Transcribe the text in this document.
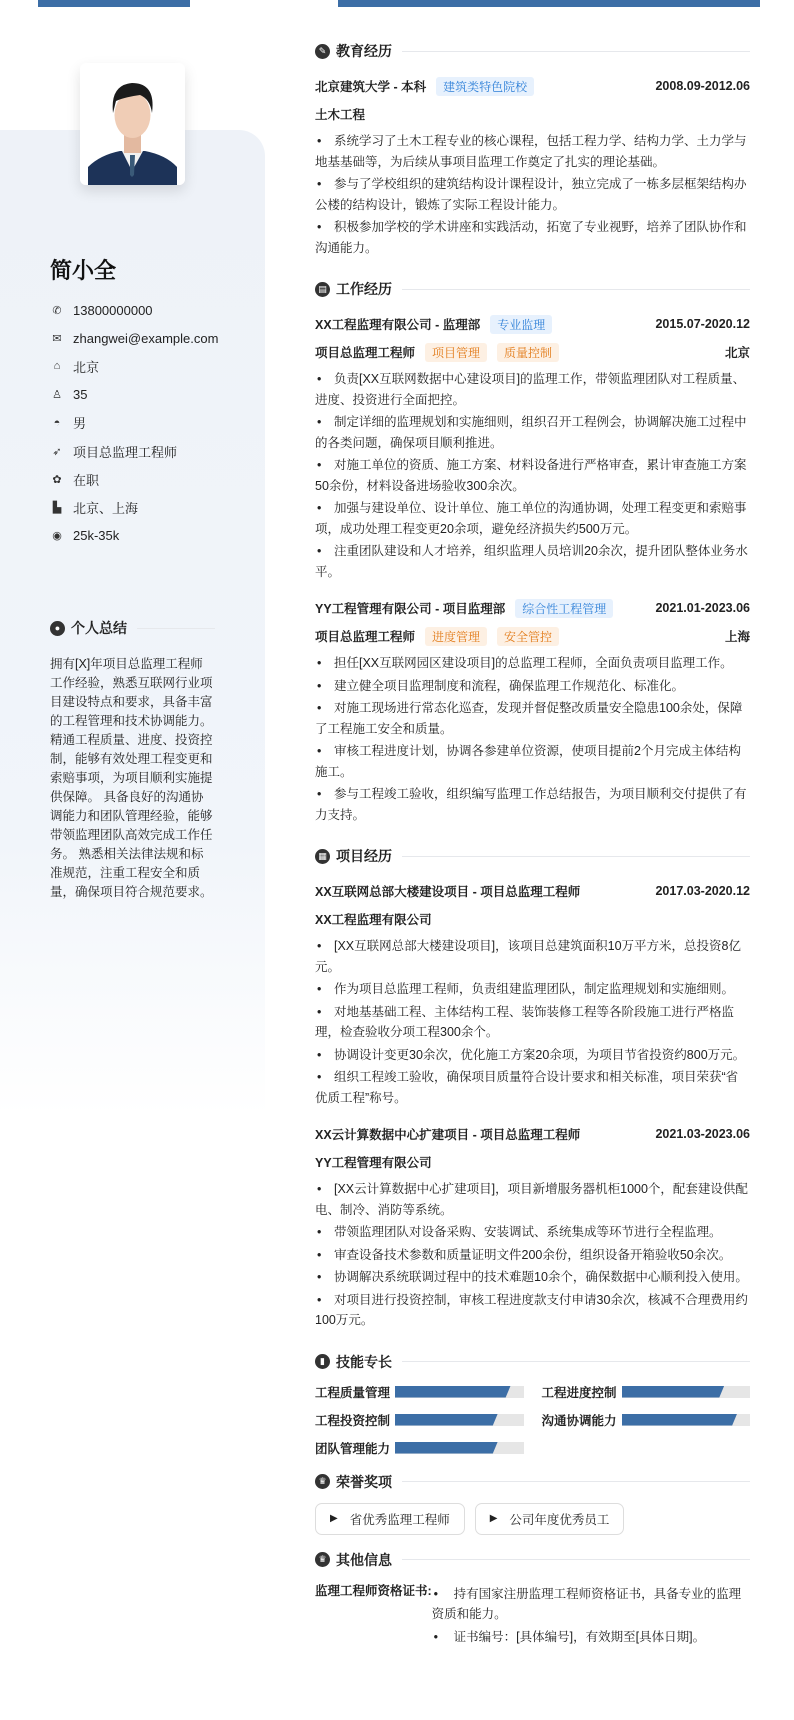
简小全
✆ 13800000000
✉ zhangwei@example.com
⌂ 北京
♙ 35
◓ 男
➶ 项目总监理工程师
✿ 在职
▙ 北京、上海
◉ 25k-35k
● 个人总结
拥有[X]年项目总监理工程师工作经验，熟悉互联网行业项目建设特点和要求，具备丰富的工程管理和技术协调能力。 精通工程质量、进度、投资控制，能够有效处理工程变更和索赔事项，为项目顺利实施提供保障。 具备良好的沟通协调能力和团队管理经验，能够带领监理团队高效完成工作任务。 熟悉相关法律法规和标准规范，注重工程安全和质量，确保项目符合规范要求。
✎ 教育经历
北京建筑大学 - 本科	建筑类特色院校	2008.09-2012.06
土木工程
• 系统学习了土木工程专业的核心课程，包括工程力学、结构力学、土力学与地基基础等，为后续从事项目监理工作奠定了扎实的理论基础。
• 参与了学校组织的建筑结构设计课程设计，独立完成了一栋多层框架结构办公楼的结构设计，锻炼了实际工程设计能力。
• 积极参加学校的学术讲座和实践活动，拓宽了专业视野，培养了团队协作和沟通能力。
▤ 工作经历
XX工程监理有限公司 - 监理部	专业监理	2015.07-2020.12
项目总监理工程师	项目管理	质量控制	北京
• 负责[XX互联网数据中心建设项目]的监理工作，带领监理团队对工程质量、进度、投资进行全面把控。
• 制定详细的监理规划和实施细则，组织召开工程例会，协调解决施工过程中的各类问题，确保项目顺利推进。
• 对施工单位的资质、施工方案、材料设备进行严格审查，累计审查施工方案50余份，材料设备进场验收300余次。
• 加强与建设单位、设计单位、施工单位的沟通协调，处理工程变更和索赔事项，成功处理工程变更20余项，避免经济损失约500万元。
• 注重团队建设和人才培养，组织监理人员培训20余次，提升团队整体业务水平。
YY工程管理有限公司 - 项目监理部	综合性工程管理	2021.01-2023.06
项目总监理工程师	进度管理	安全管控	上海
• 担任[XX互联网园区建设项目]的总监理工程师，全面负责项目监理工作。
• 建立健全项目监理制度和流程，确保监理工作规范化、标准化。
• 对施工现场进行常态化巡查，发现并督促整改质量安全隐患100余处，保障了工程施工安全和质量。
• 审核工程进度计划，协调各参建单位资源，使项目提前2个月完成主体结构施工。
• 参与工程竣工验收，组织编写监理工作总结报告，为项目顺利交付提供了有力支持。
▦ 项目经历
XX互联网总部大楼建设项目 - 项目总监理工程师	2017.03-2020.12
XX工程监理有限公司
• [XX互联网总部大楼建设项目]，该项目总建筑面积10万平方米，总投资8亿元。
• 作为项目总监理工程师，负责组建监理团队，制定监理规划和实施细则。
• 对地基基础工程、主体结构工程、装饰装修工程等各阶段施工进行严格监理，检查验收分项工程300余个。
• 协调设计变更30余次，优化施工方案20余项，为项目节省投资约800万元。
• 组织工程竣工验收，确保项目质量符合设计要求和相关标准，项目荣获“省优质工程”称号。
XX云计算数据中心扩建项目 - 项目总监理工程师	2021.03-2023.06
YY工程管理有限公司
• [XX云计算数据中心扩建项目]，项目新增服务器机柜1000个，配套建设供配电、制冷、消防等系统。
• 带领监理团队对设备采购、安装调试、系统集成等环节进行全程监理。
• 审查设备技术参数和质量证明文件200余份，组织设备开箱验收50余次。
• 协调解决系统联调过程中的技术难题10余个，确保数据中心顺利投入使用。
• 对项目进行投资控制，审核工程进度款支付申请30余次，核减不合理费用约100万元。
▮ 技能专长
工程质量管理	工程进度控制
工程投资控制	沟通协调能力
团队管理能力
♛ 荣誉奖项
▶ 省优秀监理工程师	▶ 公司年度优秀员工
♛ 其他信息
监理工程师资格证书:	• 持有国家注册监理工程师资格证书，具备专业的监理资质和能力。
• 证书编号：[具体编号]，有效期至[具体日期]。
